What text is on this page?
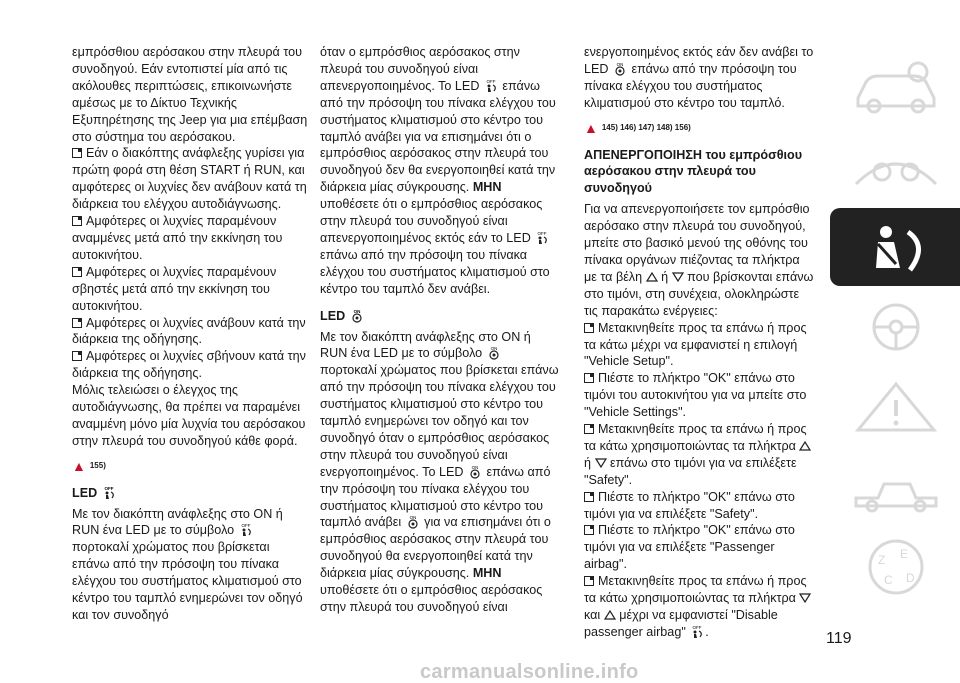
εμπρόσθιου αερόσακου στην πλευρά του συνοδηγού. Εάν εντοπιστεί μία από τις ακόλουθες περιπτώσεις, επικοινωνήστε αμέσως με το Δίκτυο Τεχνικής Εξυπηρέτησης της Jeep για μια επέμβαση στο σύστημα του αερόσακου.

Εάν ο διακόπτης ανάφλεξης γυρίσει για πρώτη φορά στη θέση START ή RUN, και αμφότερες οι λυχνίες δεν ανάβουν κατά τη διάρκεια του ελέγχου αυτοδιάγνωσης.

Αμφότερες οι λυχνίες παραμένουν αναμμένες μετά από την εκκίνηση του αυτοκινήτου.

Αμφότερες οι λυχνίες παραμένουν σβηστές μετά από την εκκίνηση του αυτοκινήτου.

Αμφότερες οι λυχνίες ανάβουν κατά την διάρκεια της οδήγησης.

Αμφότερες οι λυχνίες σβήνουν κατά την διάρκεια της οδήγησης.

Μόλις τελειώσει ο έλεγχος της αυτοδιάγνωσης, θα πρέπει να παραμένει αναμμένη μόνο μία λυχνία του αερόσακου στην πλευρά του συνοδηγού κάθε φορά.

▲ 155)

LED OFF

Με τον διακόπτη ανάφλεξης στο ON ή RUN ένα LED με το σύμβολο OFF
πορτοκαλί χρώματος που βρίσκεται επάνω από την πρόσοψη του πίνακα ελέγχου του συστήματος κλιματισμού στο κέντρο του ταμπλό ενημερώνει τον οδηγό και τον συνοδηγό

όταν ο εμπρόσθιος αερόσακος στην πλευρά του συνοδηγού είναι απενεργοποιημένος. Το LED OFF επάνω από την πρόσοψη του πίνακα ελέγχου του συστήματος κλιματισμού στο κέντρο του ταμπλό ανάβει για να επισημάνει ότι ο εμπρόσθιος αερόσακος στην πλευρά του συνοδηγού δεν θα ενεργοποιηθεί κατά την διάρκεια μίας σύγκρουσης. ΜΗΝ υποθέσετε ότι ο εμπρόσθιος αερόσακος στην πλευρά του συνοδηγού είναι απενεργοποιημένος εκτός εάν το LED OFF
επάνω από την πρόσοψη του πίνακα ελέγχου του συστήματος κλιματισμού στο κέντρο του ταμπλό δεν ανάβει.

LED ON

Με τον διακόπτη ανάφλεξης στο ON ή RUN ένα LED με το σύμβολο ON
πορτοκαλί χρώματος που βρίσκεται επάνω από την πρόσοψη του πίνακα ελέγχου του συστήματος κλιματισμού στο κέντρο του ταμπλό ενημερώνει τον οδηγό και τον συνοδηγό όταν ο εμπρόσθιος αερόσακος στην πλευρά του συνοδηγού είναι ενεργοποιημένος. Το LED ON επάνω από την πρόσοψη του πίνακα ελέγχου του συστήματος κλιματισμού στο κέντρο του ταμπλό ανάβει ON για να επισημάνει ότι ο εμπρόσθιος αερόσακος στην πλευρά του συνοδηγού θα ενεργοποιηθεί κατά την διάρκεια μίας σύγκρουσης. ΜΗΝ υποθέσετε ότι ο εμπρόσθιος αερόσακος στην πλευρά του συνοδηγού είναι

ενεργοποιημένος εκτός εάν δεν ανάβει το LED ON επάνω από την πρόσοψη του πίνακα ελέγχου του συστήματος κλιματισμού στο κέντρο του ταμπλό.

▲ 145) 146) 147) 148) 156)

ΑΠΕΝΕΡΓΟΠΟΙΗΣΗ του εμπρόσθιου αερόσακου στην πλευρά του συνοδηγού

Για να απενεργοποιήσετε τον εμπρόσθιο αερόσακο στην πλευρά του συνοδηγού, μπείτε στο βασικό μενού της οθόνης του πίνακα οργάνων πιέζοντας τα πλήκτρα με τα βέλη ή που βρίσκονται επάνω στο τιμόνι, στη συνέχεια, ολοκληρώστε τις παρακάτω ενέργειες:

Μετακινηθείτε προς τα επάνω ή προς τα κάτω μέχρι να εμφανιστεί η επιλογή "Vehicle Setup".

Πιέστε το πλήκτρο "OK" επάνω στο τιμόνι του αυτοκινήτου για να μπείτε στο "Vehicle Settings".

Μετακινηθείτε προς τα επάνω ή προς τα κάτω χρησιμοποιώντας τα πλήκτρα  ή επάνω στο τιμόνι για να επιλέξετε "Safety".

Πιέστε το πλήκτρο "OK" επάνω στο τιμόνι για να επιλέξετε "Safety".

Πιέστε το πλήκτρο "OK" επάνω στο τιμόνι για να επιλέξετε "Passenger airbag".

Μετακινηθείτε προς τα επάνω ή προς τα κάτω χρησιμοποιώντας τα πλήκτρα  και μέχρι να εμφανιστεί "Disable passenger airbag" OFF .

Z E
C D
119
carmanualsonline.info
